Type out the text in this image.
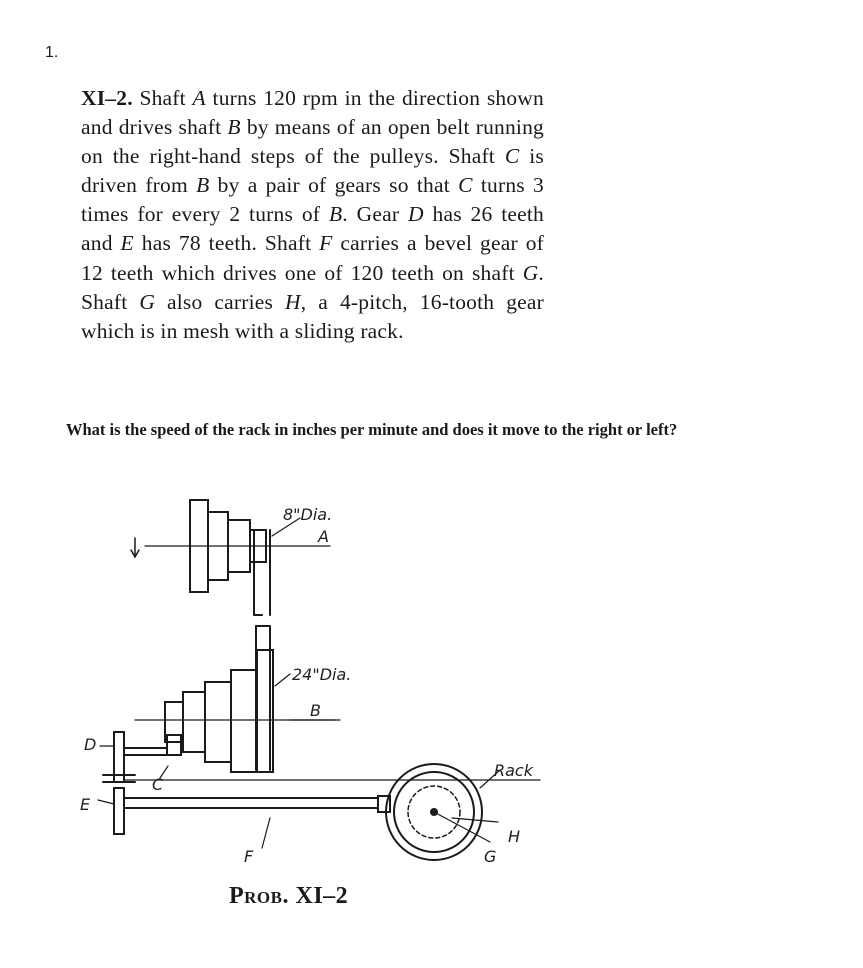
1.
XI–2. Shaft A turns 120 rpm in the direction shown and drives shaft B by means of an open belt running on the right-hand steps of the pulleys. Shaft C is driven from B by a pair of gears so that C turns 3 times for every 2 turns of B. Gear D has 26 teeth and E has 78 teeth. Shaft F carries a bevel gear of 12 teeth which drives one of 120 teeth on shaft G. Shaft G also carries H, a 4-pitch, 16-tooth gear which is in mesh with a sliding rack.
What is the speed of the rack in inches per minute and does it move to the right or left?
8"Dia.
A
24"Dia.
B
C
D
E
F	G
H
Rack
Prob. XI–2
